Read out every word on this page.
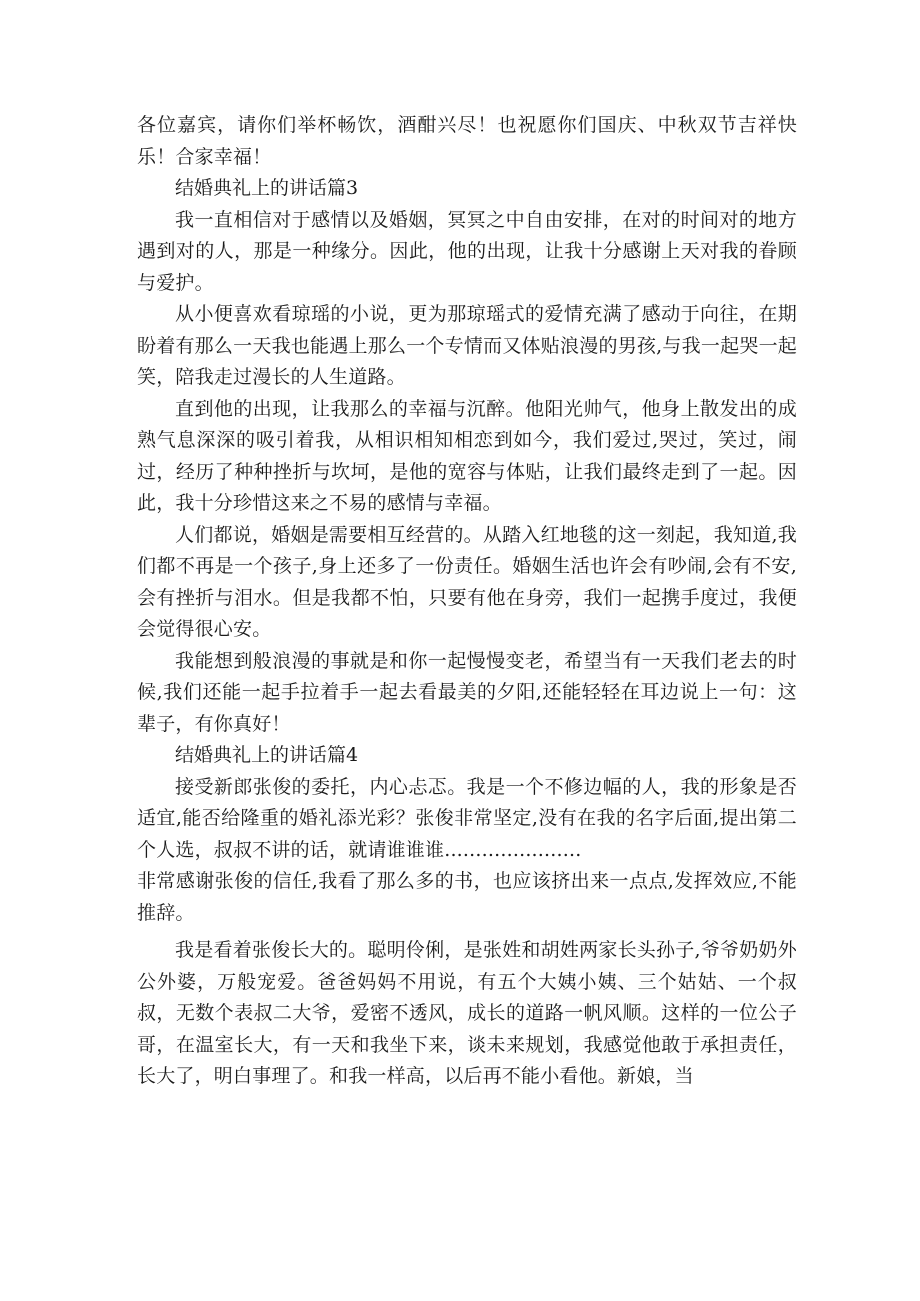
各位嘉宾，请你们举杯畅饮，酒酣兴尽！也祝愿你们国庆、中秋双节吉祥快乐！合家幸福！

结婚典礼上的讲话篇3

我一直相信对于感情以及婚姻，冥冥之中自由安排，在对的时间对的地方遇到对的人，那是一种缘分。因此，他的出现，让我十分感谢上天对我的眷顾与爱护。

从小便喜欢看琼瑶的小说，更为那琼瑶式的爱情充满了感动于向往，在期盼着有那么一天我也能遇上那么一个专情而又体贴浪漫的男孩,与我一起哭一起笑，陪我走过漫长的人生道路。

直到他的出现，让我那么的幸福与沉醉。他阳光帅气，他身上散发出的成熟气息深深的吸引着我，从相识相知相恋到如今，我们爱过,哭过，笑过，闹过，经历了种种挫折与坎坷，是他的宽容与体贴，让我们最终走到了一起。因此，我十分珍惜这来之不易的感情与幸福。

人们都说，婚姻是需要相互经营的。从踏入红地毯的这一刻起，我知道,我们都不再是一个孩子,身上还多了一份责任。婚姻生活也许会有吵闹,会有不安,会有挫折与泪水。但是我都不怕，只要有他在身旁，我们一起携手度过，我便会觉得很心安。

我能想到般浪漫的事就是和你一起慢慢变老，希望当有一天我们老去的时候,我们还能一起手拉着手一起去看最美的夕阳,还能轻轻在耳边说上一句：这辈子，有你真好！

结婚典礼上的讲话篇4

接受新郎张俊的委托，内心忐忑。我是一个不修边幅的人，我的形象是否适宜,能否给隆重的婚礼添光彩？张俊非常坚定,没有在我的名字后面,提出第二个人选，叔叔不讲的话，就请谁谁谁......................

非常感谢张俊的信任,我看了那么多的书，也应该挤出来一点点,发挥效应,不能推辞。

我是看着张俊长大的。聪明伶俐，是张姓和胡姓两家长头孙子,爷爷奶奶外公外婆，万般宠爱。爸爸妈妈不用说，有五个大姨小姨、三个姑姑、一个叔叔，无数个表叔二大爷，爱密不透风，成长的道路一帆风顺。这样的一位公子哥，在温室长大，有一天和我坐下来，谈未来规划，我感觉他敢于承担责任，长大了，明白事理了。和我一样高，以后再不能小看他。新娘，当
